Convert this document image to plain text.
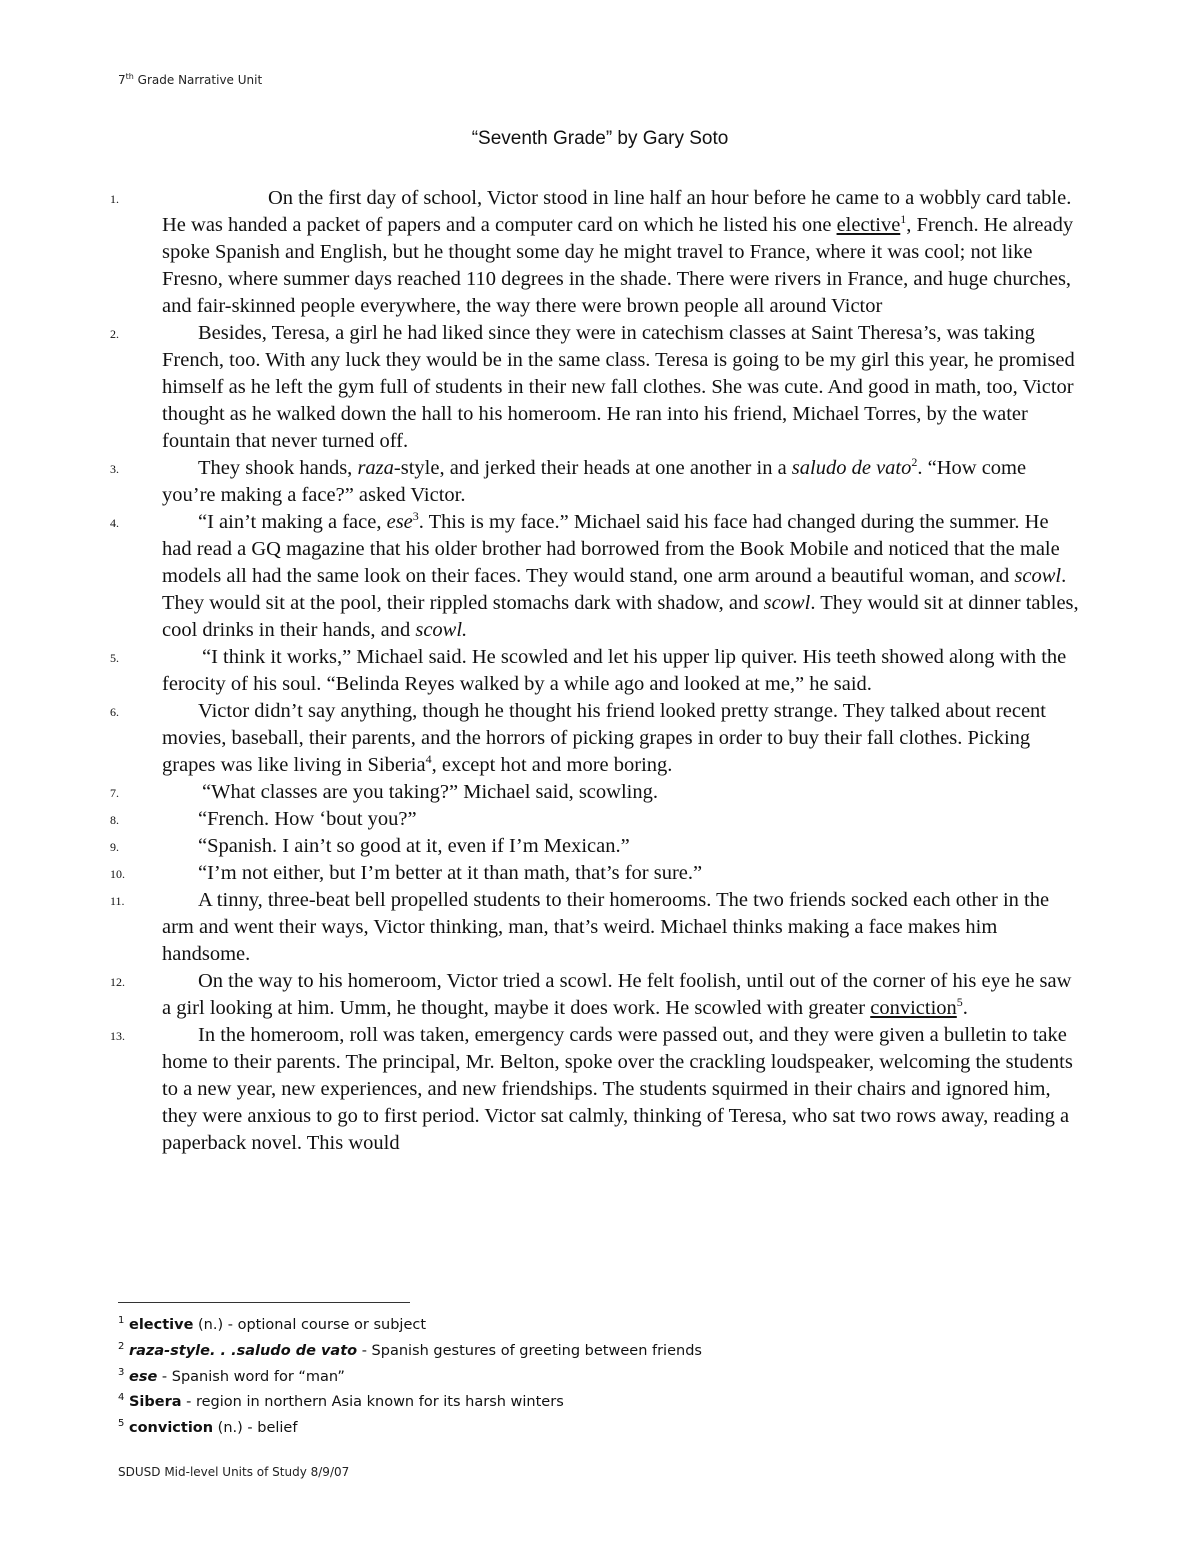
7th Grade Narrative Unit
“Seventh Grade” by Gary Soto
1.	On the first day of school, Victor stood in line half an hour before he came to a wobbly card table. He was handed a packet of papers and a computer card on which he listed his one elective$^1$, French. He already spoke Spanish and English, but he thought some day he might travel to France, where it was cool; not like Fresno, where summer days reached 110 degrees in the shade. There were rivers in France, and huge churches, and fair-skinned people everywhere, the way there were brown people all around Victor
2.	Besides, Teresa, a girl he had liked since they were in catechism classes at Saint Theresa’s, was taking French, too. With any luck they would be in the same class. Teresa is going to be my girl this year, he promised himself as he left the gym full of students in their new fall clothes. She was cute. And good in math, too, Victor thought as he walked down the hall to his homeroom. He ran into his friend, Michael Torres, by the water fountain that never turned off.
3.	They shook hands, raza-style, and jerked their heads at one another in a saludo de vato$^2$. “How come you’re making a face?” asked Victor.
4.	“I ain’t making a face, ese$^3$. This is my face.” Michael said his face had changed during the summer. He had read a GQ magazine that his older brother had borrowed from the Book Mobile and noticed that the male models all had the same look on their faces. They would stand, one arm around a beautiful woman, and scowl. They would sit at the pool, their rippled stomachs dark with shadow, and scowl. They would sit at dinner tables, cool drinks in their hands, and scowl.
5.	“I think it works,” Michael said. He scowled and let his upper lip quiver. His teeth showed along with the ferocity of his soul. “Belinda Reyes walked by a while ago and looked at me,” he said.
6.	Victor didn’t say anything, though he thought his friend looked pretty strange. They talked about recent movies, baseball, their parents, and the horrors of picking grapes in order to buy their fall clothes. Picking grapes was like living in Siberia$^4$, except hot and more boring.
7.	“What classes are you taking?” Michael said, scowling.
8.	“French. How ‘bout you?”
9.	“Spanish. I ain’t so good at it, even if I’m Mexican.”
10.	“I’m not either, but I’m better at it than math, that’s for sure.”
11.	A tinny, three-beat bell propelled students to their homerooms. The two friends socked each other in the arm and went their ways, Victor thinking, man, that’s weird. Michael thinks making a face makes him handsome.
12.	On the way to his homeroom, Victor tried a scowl. He felt foolish, until out of the corner of his eye he saw a girl looking at him. Umm, he thought, maybe it does work. He scowled with greater conviction$^5$.
13.	In the homeroom, roll was taken, emergency cards were passed out, and they were given a bulletin to take home to their parents. The principal, Mr. Belton, spoke over the crackling loudspeaker, welcoming the students to a new year, new experiences, and new friendships. The students squirmed in their chairs and ignored him, they were anxious to go to first period. Victor sat calmly, thinking of Teresa, who sat two rows away, reading a paperback novel. This would
$^1$ elective (n.) - optional course or subject
$^2$ raza-style. . .saludo de vato - Spanish gestures of greeting between friends
$^3$ ese - Spanish word for “man”
$^4$ Sibera - region in northern Asia known for its harsh winters
$^5$ conviction (n.) - belief
SDUSD Mid-level Units of Study 8/9/07
